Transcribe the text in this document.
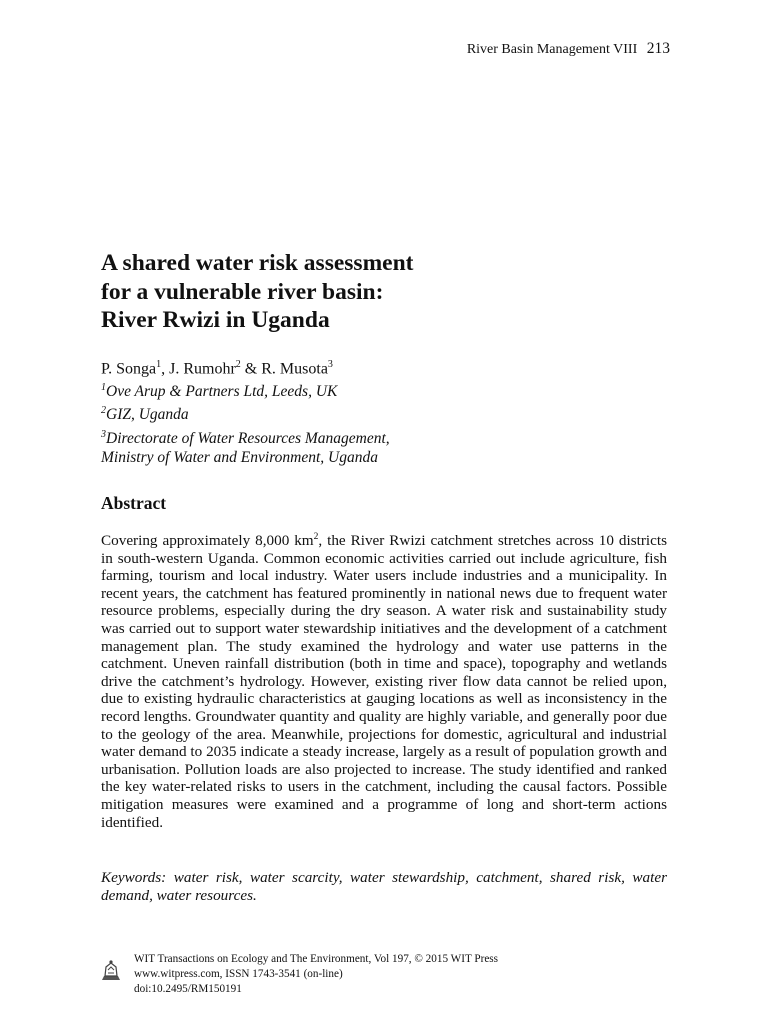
River Basin Management VIII 213
A shared water risk assessment
for a vulnerable river basin:
River Rwizi in Uganda
P. Songa$^1$, J. Rumohr$^2$ & R. Musota$^3$
$^1$Ove Arup & Partners Ltd, Leeds, UK
$^2$GIZ, Uganda
$^3$Directorate of Water Resources Management,
Ministry of Water and Environment, Uganda
Abstract

Covering approximately 8,000 $km^2$, the River Rwizi catchment stretches across 10 districts in south-western Uganda. Common economic activities carried out include agriculture, fish farming, tourism and local industry. Water users include industries and a municipality. In recent years, the catchment has featured prominently in national news due to frequent water resource problems, especially during the dry season. A water risk and sustainability study was carried out to support water stewardship initiatives and the development of a catchment management plan. The study examined the hydrology and water use patterns in the catchment. Uneven rainfall distribution (both in time and space), topography and wetlands drive the catchment’s hydrology. However, existing river flow data cannot be relied upon, due to existing hydraulic characteristics at gauging locations as well as inconsistency in the record lengths. Groundwater quantity and quality are highly variable, and generally poor due to the geology of the area. Meanwhile, projections for domestic, agricultural and industrial water demand to 2035 indicate a steady increase, largely as a result of population growth and urbanisation. Pollution loads are also projected to increase. The study identified and ranked the key water-related risks to users in the catchment, including the causal factors. Possible mitigation measures were examined and a programme of long and short-term actions identified.

Keywords: water risk, water scarcity, water stewardship, catchment, shared risk, water demand, water resources.

WIT Transactions on Ecology and The Environment, Vol 197, © 2015 WIT Press
www.witpress.com, ISSN 1743-3541 (on-line)
doi:10.2495/RM150191
